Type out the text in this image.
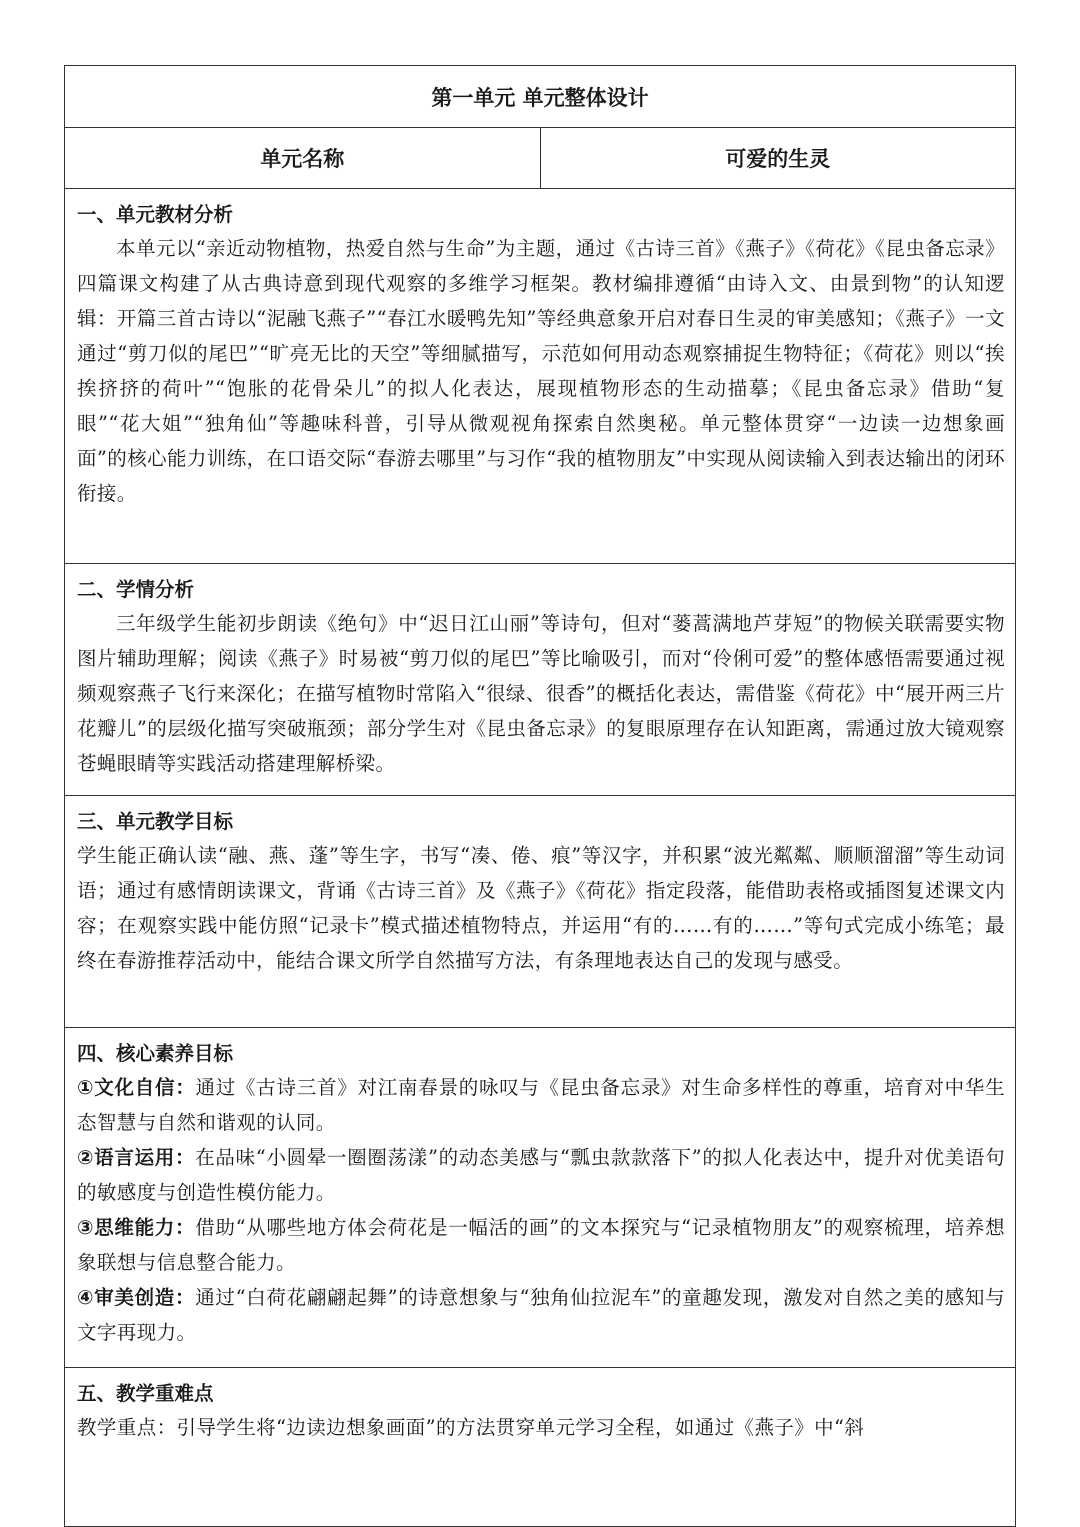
第一单元 单元整体设计
单元名称	可爱的生灵
一、单元教材分析
本单元以“亲近动物植物，热爱自然与生命”为主题，通过《古诗三首》《燕子》《荷花》《昆虫备忘录》四篇课文构建了从古典诗意到现代观察的多维学习框架。教材编排遵循“由诗入文、由景到物”的认知逻辑：开篇三首古诗以“泥融飞燕子”“春江水暖鸭先知”等经典意象开启对春日生灵的审美感知；《燕子》一文通过“剪刀似的尾巴”“旷亮无比的天空”等细腻描写，示范如何用动态观察捕捉生物特征；《荷花》则以“挨挨挤挤的荷叶”“饱胀的花骨朵儿”的拟人化表达，展现植物形态的生动描摹；《昆虫备忘录》借助“复眼”“花大姐”“独角仙”等趣味科普，引导从微观视角探索自然奥秘。单元整体贯穿“一边读一边想象画面”的核心能力训练，在口语交际“春游去哪里”与习作“我的植物朋友”中实现从阅读输入到表达输出的闭环衔接。
二、学情分析
三年级学生能初步朗读《绝句》中“迟日江山丽”等诗句，但对“蒌蒿满地芦芽短”的物候关联需要实物图片辅助理解；阅读《燕子》时易被“剪刀似的尾巴”等比喻吸引，而对“伶俐可爱”的整体感悟需要通过视频观察燕子飞行来深化；在描写植物时常陷入“很绿、很香”的概括化表达，需借鉴《荷花》中“展开两三片花瓣儿”的层级化描写突破瓶颈；部分学生对《昆虫备忘录》的复眼原理存在认知距离，需通过放大镜观察苍蝇眼睛等实践活动搭建理解桥梁。
三、单元教学目标
学生能正确认读“融、燕、蓬”等生字，书写“凑、倦、痕”等汉字，并积累“波光粼粼、顺顺溜溜”等生动词语；通过有感情朗读课文，背诵《古诗三首》及《燕子》《荷花》指定段落，能借助表格或插图复述课文内容；在观察实践中能仿照“记录卡”模式描述植物特点，并运用“有的……有的……”等句式完成小练笔；最终在春游推荐活动中，能结合课文所学自然描写方法，有条理地表达自己的发现与感受。
四、核心素养目标
①文化自信：通过《古诗三首》对江南春景的咏叹与《昆虫备忘录》对生命多样性的尊重，培育对中华生态智慧与自然和谐观的认同。
②语言运用：在品味“小圆晕一圈圈荡漾”的动态美感与“瓢虫款款落下”的拟人化表达中，提升对优美语句的敏感度与创造性模仿能力。
③思维能力：借助“从哪些地方体会荷花是一幅活的画”的文本探究与“记录植物朋友”的观察梳理，培养想象联想与信息整合能力。
④审美创造：通过“白荷花翩翩起舞”的诗意想象与“独角仙拉泥车”的童趣发现，激发对自然之美的感知与文字再现力。
五、教学重难点
教学重点：引导学生将“边读边想象画面”的方法贯穿单元学习全程，如通过《燕子》中“斜
